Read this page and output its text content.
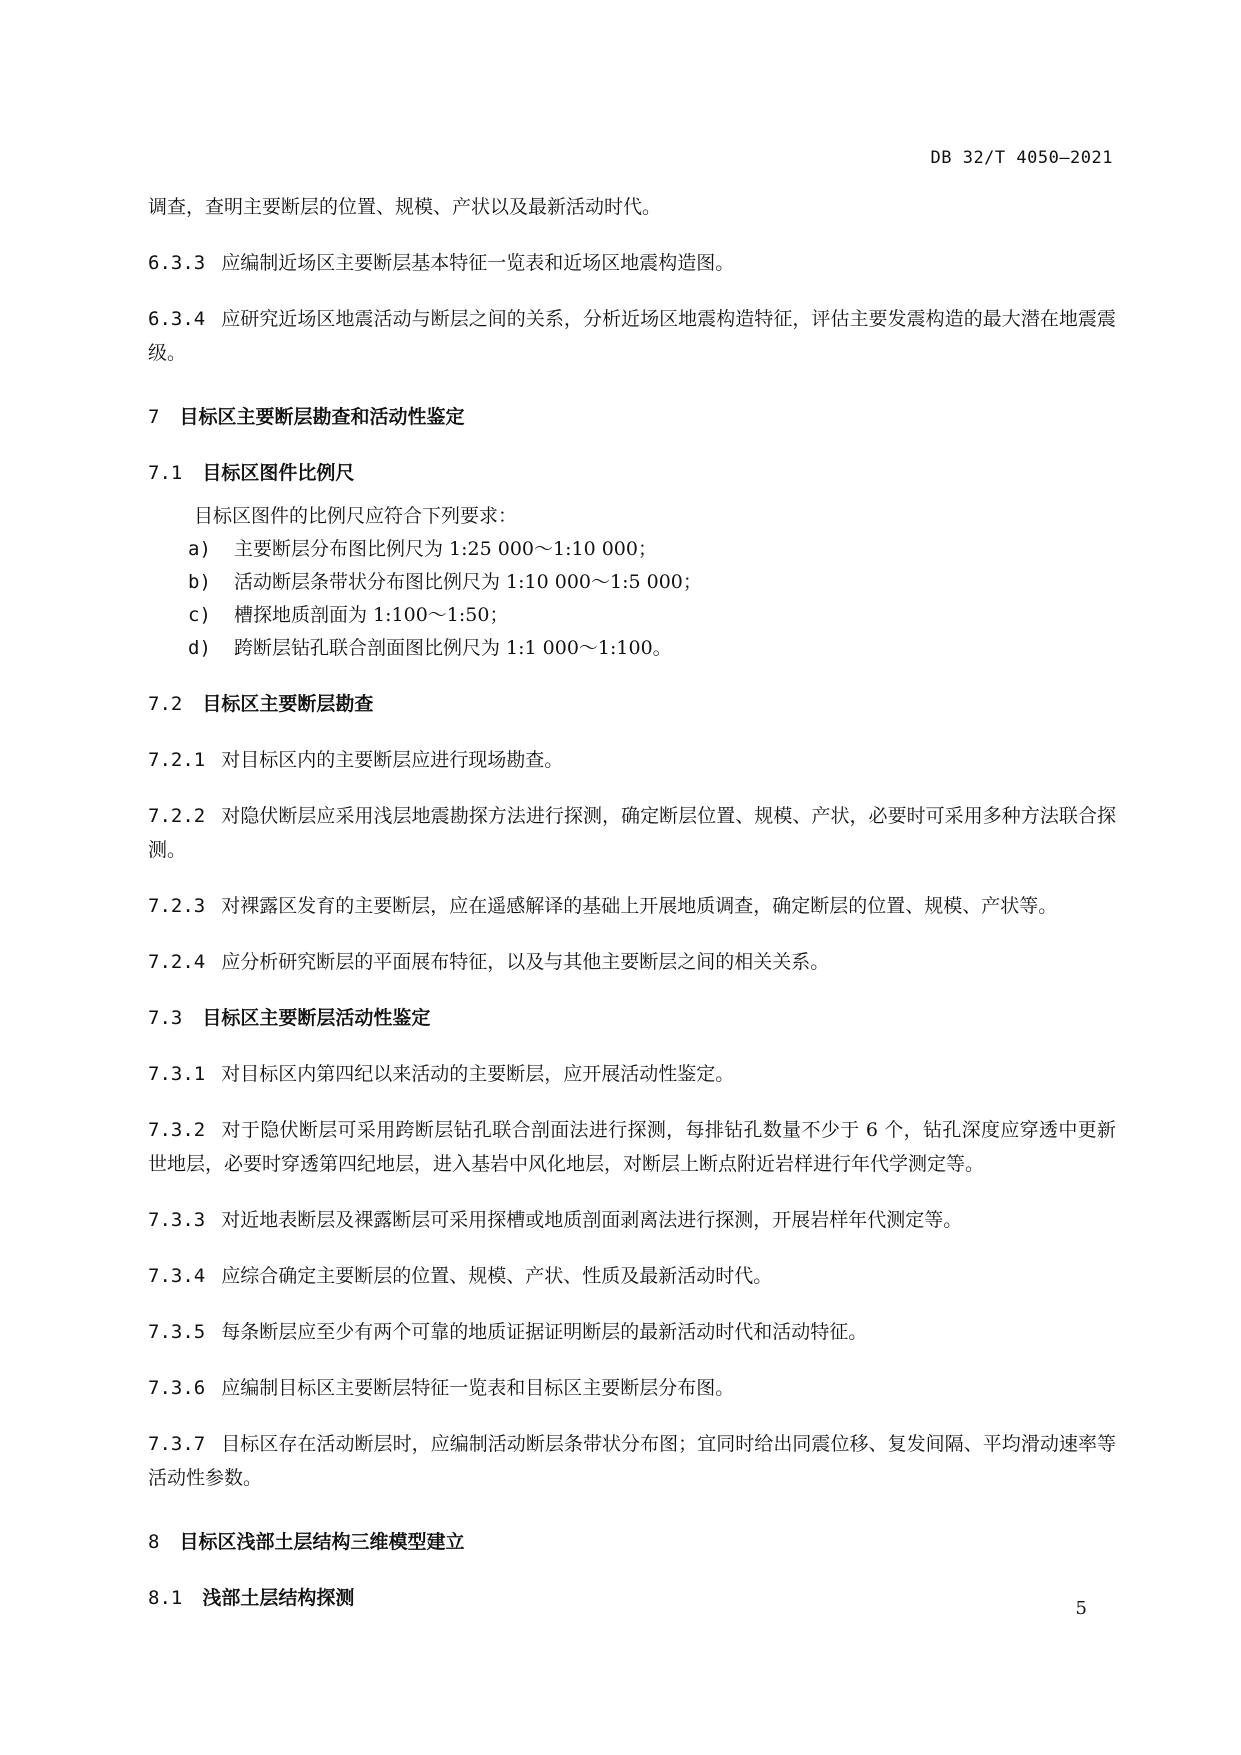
DB 32/T 4050—2021
调查，查明主要断层的位置、规模、产状以及最新活动时代。
6.3.3 应编制近场区主要断层基本特征一览表和近场区地震构造图。
6.3.4 应研究近场区地震活动与断层之间的关系，分析近场区地震构造特征，评估主要发震构造的最大潜在地震震级。
7 目标区主要断层勘查和活动性鉴定
7.1 目标区图件比例尺
目标区图件的比例尺应符合下列要求：
a) 主要断层分布图比例尺为 1:25 000～1:10 000；
b) 活动断层条带状分布图比例尺为 1:10 000～1:5 000；
c) 槽探地质剖面为 1:100～1:50；
d) 跨断层钻孔联合剖面图比例尺为 1:1 000～1:100。
7.2 目标区主要断层勘查
7.2.1 对目标区内的主要断层应进行现场勘查。
7.2.2 对隐伏断层应采用浅层地震勘探方法进行探测，确定断层位置、规模、产状，必要时可采用多种方法联合探测。
7.2.3 对裸露区发育的主要断层，应在遥感解译的基础上开展地质调查，确定断层的位置、规模、产状等。
7.2.4 应分析研究断层的平面展布特征，以及与其他主要断层之间的相关关系。
7.3 目标区主要断层活动性鉴定
7.3.1 对目标区内第四纪以来活动的主要断层，应开展活动性鉴定。
7.3.2 对于隐伏断层可采用跨断层钻孔联合剖面法进行探测，每排钻孔数量不少于 6 个，钻孔深度应穿透中更新世地层，必要时穿透第四纪地层，进入基岩中风化地层，对断层上断点附近岩样进行年代学测定等。
7.3.3 对近地表断层及裸露断层可采用探槽或地质剖面剥离法进行探测，开展岩样年代测定等。
7.3.4 应综合确定主要断层的位置、规模、产状、性质及最新活动时代。
7.3.5 每条断层应至少有两个可靠的地质证据证明断层的最新活动时代和活动特征。
7.3.6 应编制目标区主要断层特征一览表和目标区主要断层分布图。
7.3.7 目标区存在活动断层时，应编制活动断层条带状分布图；宜同时给出同震位移、复发间隔、平均滑动速率等活动性参数。
8 目标区浅部土层结构三维模型建立
8.1 浅部土层结构探测	5
